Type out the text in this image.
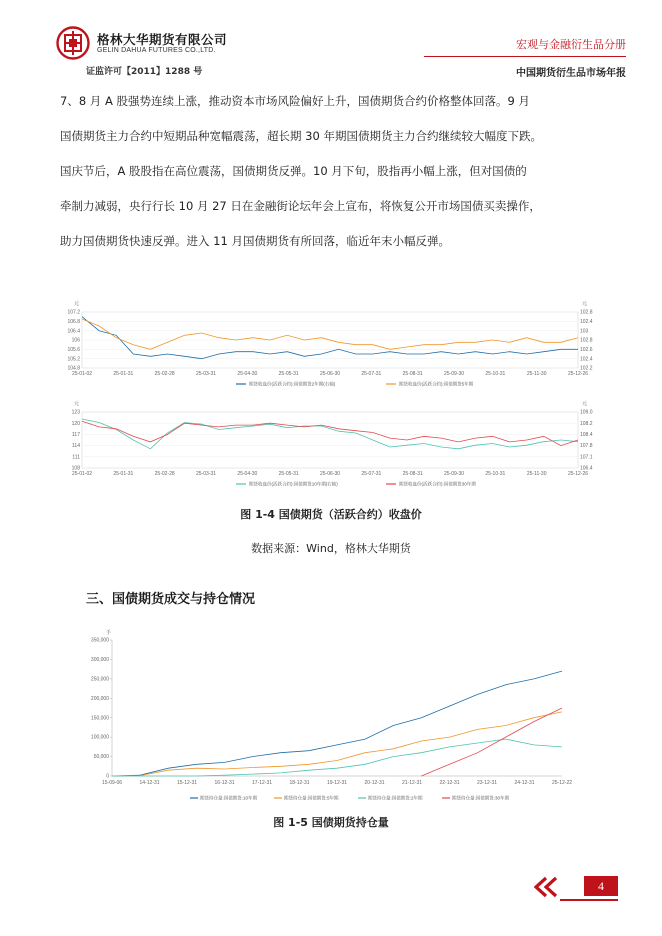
格林大华期货有限公司
GELIN DAHUA FUTURES CO.,LTD.
证监许可【2011】1288 号
宏观与金融衍生品分册
中国期货衍生品市场年报

7、8 月 A 股强势连续上涨，推动资本市场风险偏好上升，国债期货合约价格整体回落。9 月

国债期货主力合约中短期品种宽幅震荡，超长期 30 年期国债期货主力合约继续较大幅度下跌。

国庆节后，A 股股指在高位震荡，国债期货反弹。10 月下旬，股指再小幅上涨，但对国债的

牵制力减弱，央行行长 10 月 27 日在金融街论坛年会上宣布，将恢复公开市场国债买卖操作，

助力国债期货快速反弹。进入 11 月国债期货有所回落，临近年末小幅反弹。

元	元
107.2
106.8
106.4
106
105.6
105.2
104.8
102.8
102.4
103
102.8
102.6
102.4
102.2
25-01-02	25-01-31	25-02-28	25-03-31	25-04-30	25-05-31	25-06-30	25-07-31	25-08-31	25-09-30	25-10-31	25-11-30	25-12-26
期货收盘价(活跃合约):国债期货2年期(右轴)	期货收盘价(活跃合约):国债期货5年期
元	元
123
120
117
114
111
108
109.0
108.2
108.4
107.8
107.1
106.4
25-01-02	25-01-31	25-02-28	25-03-31	25-04-30	25-05-31	25-06-30	25-07-31	25-08-31	25-09-30	25-10-31	25-11-30	25-12-26
期货收盘价(活跃合约):国债期货10年期(右轴)	期货收盘价(活跃合约):国债期货30年期
图 1-4 国债期货（活跃合约）收盘价
数据来源：Wind，格林大华期货
三、国债期货成交与持仓情况
手
350,000
300,000
250,000
200,000
150,000
100,000
50,000
0
15-09-06	14-12-31	15-12-31	16-12-31	17-12-31	18-12-31	19-12-31	20-12-31	21-12-31	22-12-31	23-12-31	24-12-31	25-12-22
期货持仓量:国债期货:10年期	期货持仓量:国债期货:5年期	期货持仓量:国债期货:2年期	期货持仓量:国债期货:30年期
图 1-5 国债期货持仓量
4
